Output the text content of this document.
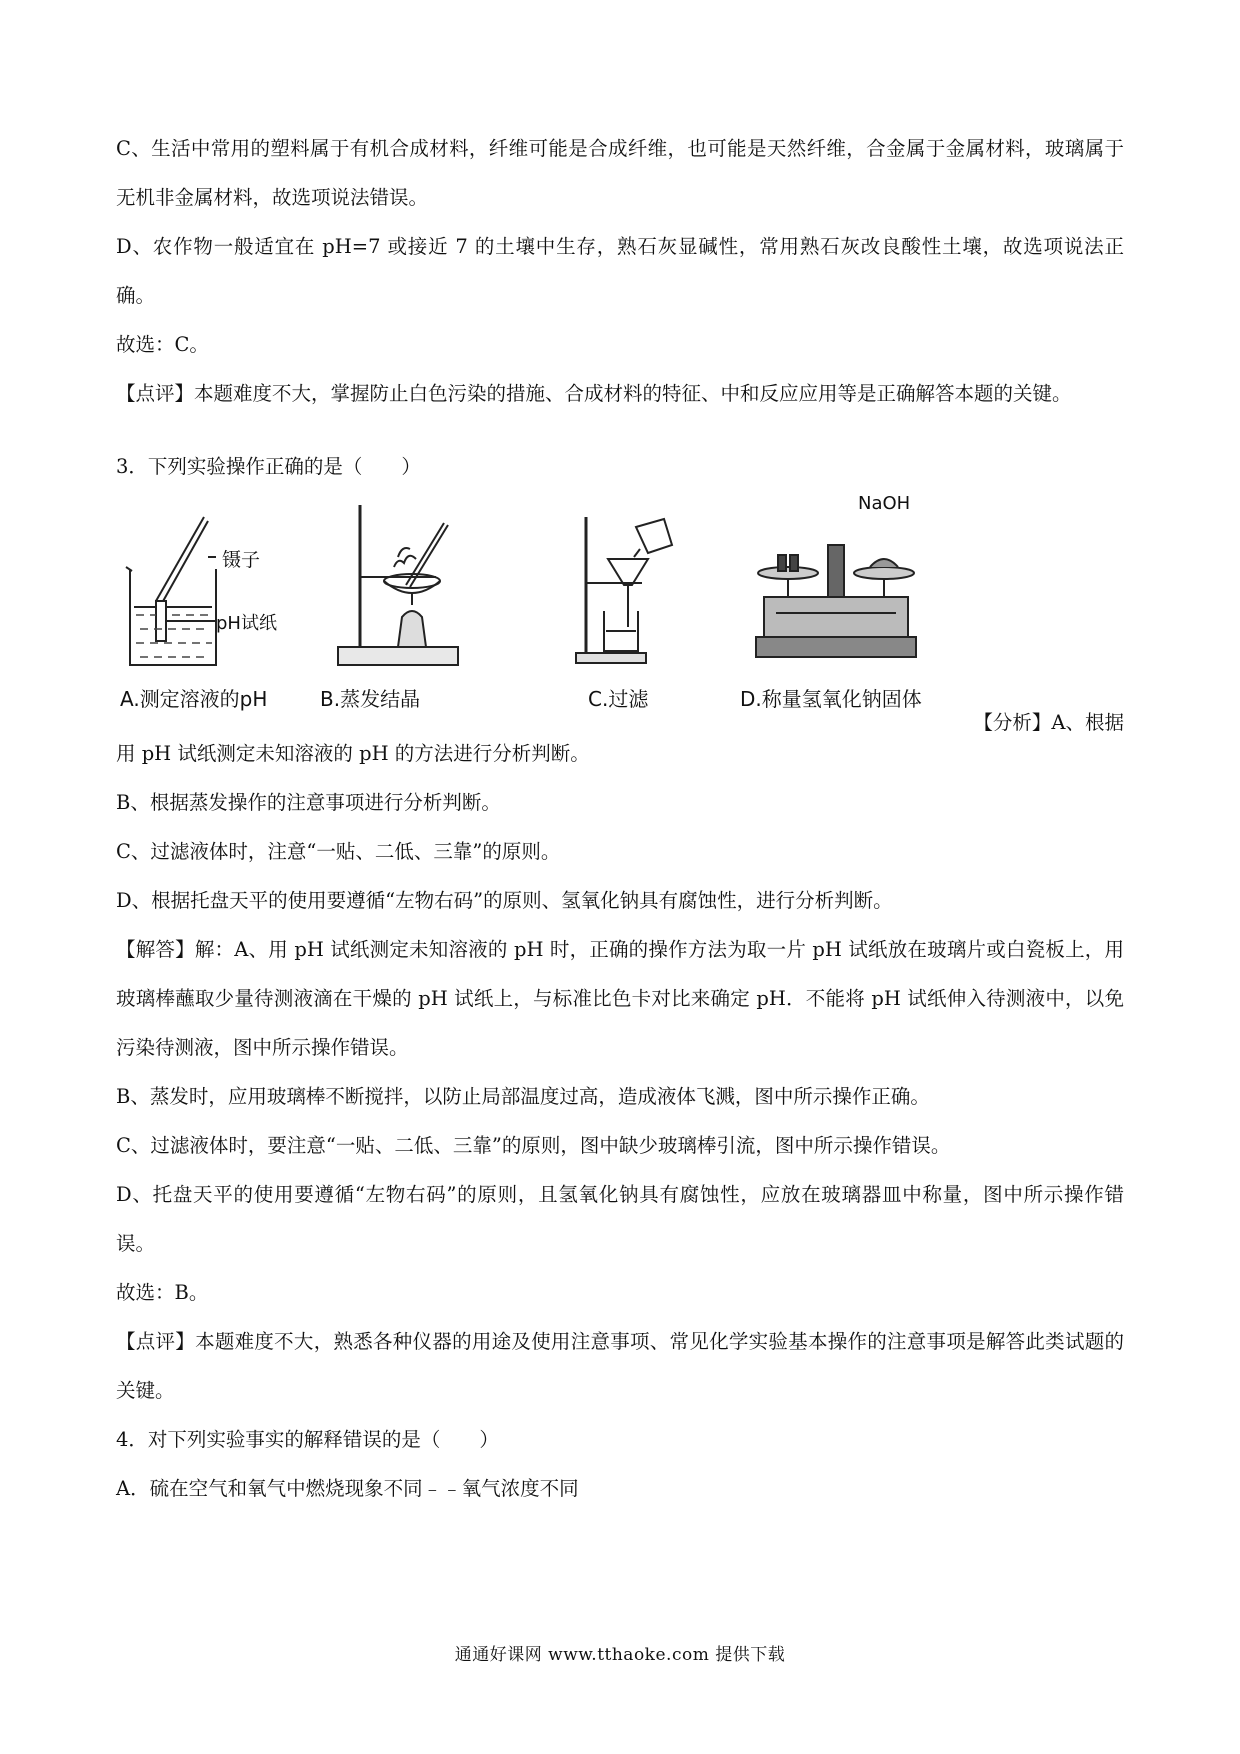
C、生活中常用的塑料属于有机合成材料，纤维可能是合成纤维，也可能是天然纤维，合金属于金属材料，玻璃属于无机非金属材料，故选项说法错误。

D、农作物一般适宜在 pH=7 或接近 7 的土壤中生存，熟石灰显碱性，常用熟石灰改良酸性土壤，故选项说法正确。

故选：C。

【点评】本题难度不大，掌握防止白色污染的措施、合成材料的特征、中和反应应用等是正确解答本题的关键。

3．下列实验操作正确的是（　　）

镊子
pH试纸
NaOH
A.测定溶液的pH	B.蒸发结晶	C.过滤	D.称量氢氧化钠固体
【分析】A、根据

用 pH 试纸测定未知溶液的 pH 的方法进行分析判断。

B、根据蒸发操作的注意事项进行分析判断。

C、过滤液体时，注意“一贴、二低、三靠”的原则。

D、根据托盘天平的使用要遵循“左物右码”的原则、氢氧化钠具有腐蚀性，进行分析判断。

【解答】解：A、用 pH 试纸测定未知溶液的 pH 时，正确的操作方法为取一片 pH 试纸放在玻璃片或白瓷板上，用玻璃棒蘸取少量待测液滴在干燥的 pH 试纸上，与标准比色卡对比来确定 pH．不能将 pH 试纸伸入待测液中，以免污染待测液，图中所示操作错误。

B、蒸发时，应用玻璃棒不断搅拌，以防止局部温度过高，造成液体飞溅，图中所示操作正确。

C、过滤液体时，要注意“一贴、二低、三靠”的原则，图中缺少玻璃棒引流，图中所示操作错误。

D、托盘天平的使用要遵循“左物右码”的原则，且氢氧化钠具有腐蚀性，应放在玻璃器皿中称量，图中所示操作错误。

故选：B。

【点评】本题难度不大，熟悉各种仪器的用途及使用注意事项、常见化学实验基本操作的注意事项是解答此类试题的关键。

4．对下列实验事实的解释错误的是（　　）

A．硫在空气和氧气中燃烧现象不同﹣﹣氧气浓度不同

通通好课网 www.tthaoke.com 提供下载
